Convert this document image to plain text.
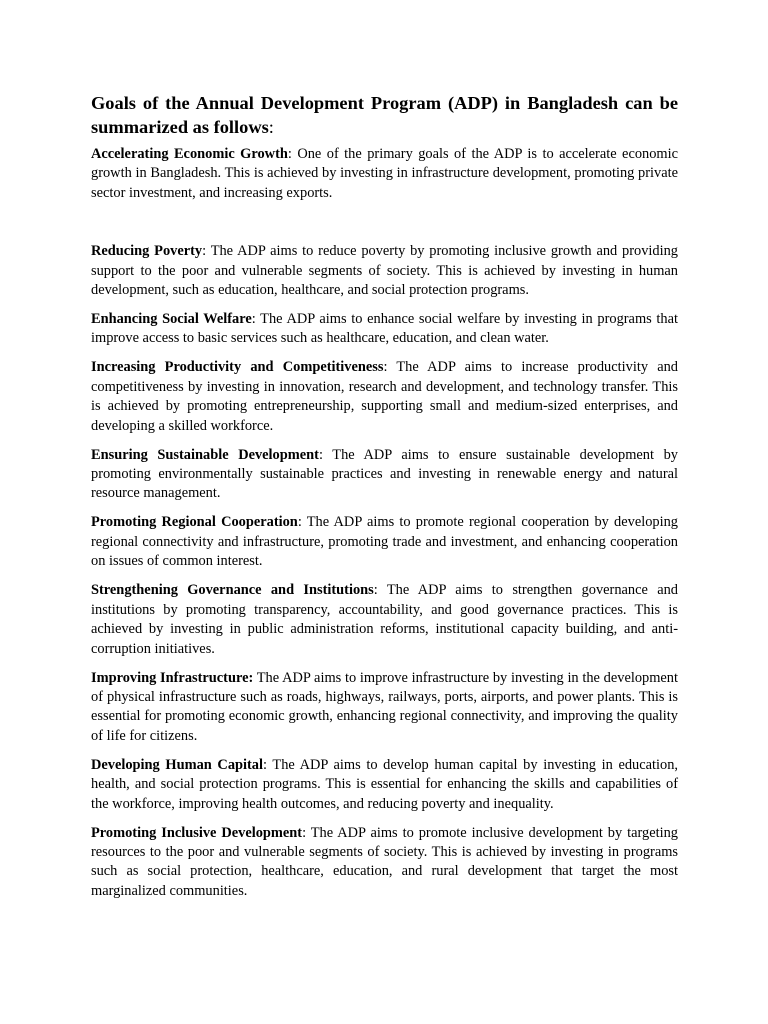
Goals of the Annual Development Program (ADP) in Bangladesh can be summarized as follows:

Accelerating Economic Growth: One of the primary goals of the ADP is to accelerate economic growth in Bangladesh. This is achieved by investing in infrastructure development, promoting private sector investment, and increasing exports.

Reducing Poverty: The ADP aims to reduce poverty by promoting inclusive growth and providing support to the poor and vulnerable segments of society. This is achieved by investing in human development, such as education, healthcare, and social protection programs.

Enhancing Social Welfare: The ADP aims to enhance social welfare by investing in programs that improve access to basic services such as healthcare, education, and clean water.

Increasing Productivity and Competitiveness: The ADP aims to increase productivity and competitiveness by investing in innovation, research and development, and technology transfer. This is achieved by promoting entrepreneurship, supporting small and medium-sized enterprises, and developing a skilled workforce.

Ensuring Sustainable Development: The ADP aims to ensure sustainable development by promoting environmentally sustainable practices and investing in renewable energy and natural resource management.

Promoting Regional Cooperation: The ADP aims to promote regional cooperation by developing regional connectivity and infrastructure, promoting trade and investment, and enhancing cooperation on issues of common interest.

Strengthening Governance and Institutions: The ADP aims to strengthen governance and institutions by promoting transparency, accountability, and good governance practices. This is achieved by investing in public administration reforms, institutional capacity building, and anti-corruption initiatives.

Improving Infrastructure: The ADP aims to improve infrastructure by investing in the development of physical infrastructure such as roads, highways, railways, ports, airports, and power plants. This is essential for promoting economic growth, enhancing regional connectivity, and improving the quality of life for citizens.

Developing Human Capital: The ADP aims to develop human capital by investing in education, health, and social protection programs. This is essential for enhancing the skills and capabilities of the workforce, improving health outcomes, and reducing poverty and inequality.

Promoting Inclusive Development: The ADP aims to promote inclusive development by targeting resources to the poor and vulnerable segments of society. This is achieved by investing in programs such as social protection, healthcare, education, and rural development that target the most marginalized communities.
